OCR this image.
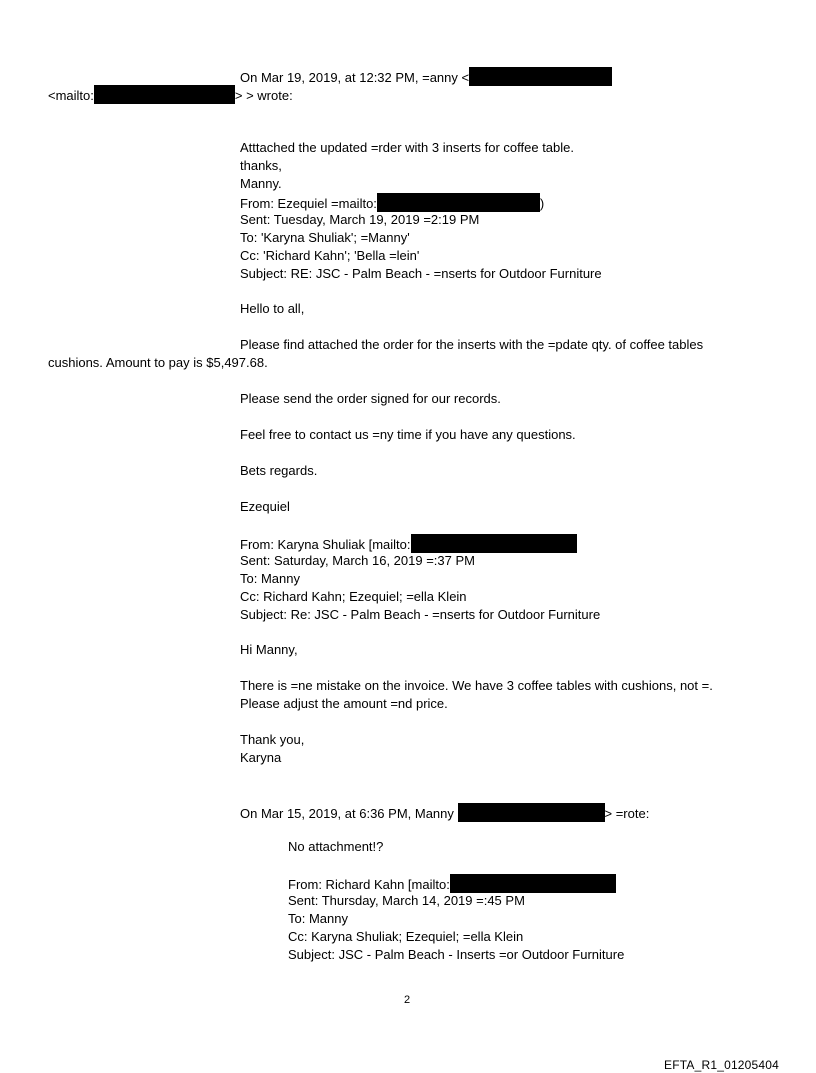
On Mar 19, 2019, at 12:32 PM, =anny <
<mailto:	> > wrote:
Atttached the updated =rder with 3 inserts for coffee table.
thanks,
Manny.
From: Ezequiel =mailto:	)
Sent: Tuesday, March 19, 2019 =2:19 PM
To: 'Karyna Shuliak'; =Manny'
Cc: 'Richard Kahn'; 'Bella =lein'
Subject: RE: JSC - Palm Beach - =nserts for Outdoor Furniture
Hello to all,
Please find attached the order for the inserts with the =pdate qty. of coffee tables
cushions. Amount to pay is $5,497.68.
Please send the order signed for our records.
Feel free to contact us =ny time if you have any questions.
Bets regards.
Ezequiel
From: Karyna Shuliak [mailto:
Sent: Saturday, March 16, 2019 =:37 PM
To: Manny
Cc: Richard Kahn; Ezequiel; =ella Klein
Subject: Re: JSC - Palm Beach - =nserts for Outdoor Furniture
Hi Manny,
There is =ne mistake on the invoice. We have 3 coffee tables with cushions, not =.
Please adjust the amount =nd price.
Thank you,
Karyna
On Mar 15, 2019, at 6:36 PM, Manny	> =rote:
No attachment!?
From: Richard Kahn [mailto:
Sent: Thursday, March 14, 2019 =:45 PM
To: Manny
Cc: Karyna Shuliak; Ezequiel; =ella Klein
Subject: JSC - Palm Beach - Inserts =or Outdoor Furniture
2
EFTA_R1_01205404
